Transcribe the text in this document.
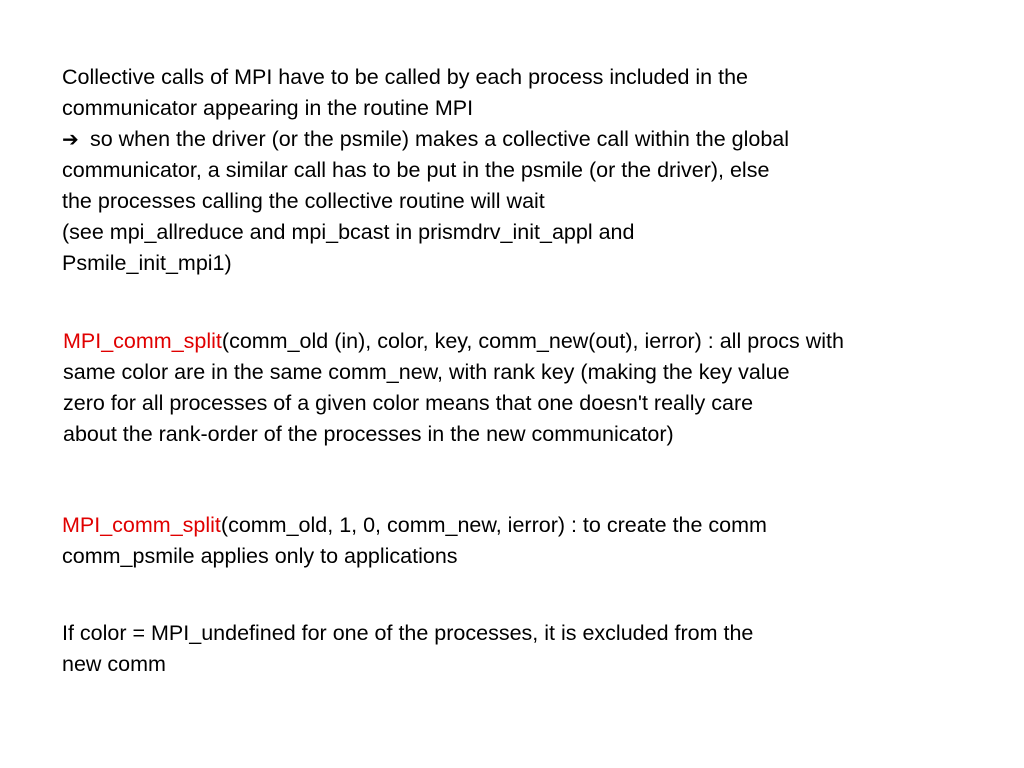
Collective calls of MPI have to be called by each process included in the
communicator appearing in the routine MPI
➔ so when the driver (or the psmile) makes a collective call within the global
communicator, a similar call has to be put in the psmile (or the driver), else
the processes calling the collective routine will wait
(see mpi_allreduce and mpi_bcast in prismdrv_init_appl and
Psmile_init_mpi1)
MPI_comm_split(comm_old (in), color, key, comm_new(out), ierror) : all procs with
same color are in the same comm_new, with rank key (making the key value
zero for all processes of a given color means that one doesn't really care
about the rank-order of the processes in the new communicator)
MPI_comm_split(comm_old, 1, 0, comm_new, ierror) : to create the comm
comm_psmile applies only to applications
If color = MPI_undefined for one of the processes, it is excluded from the
new comm
